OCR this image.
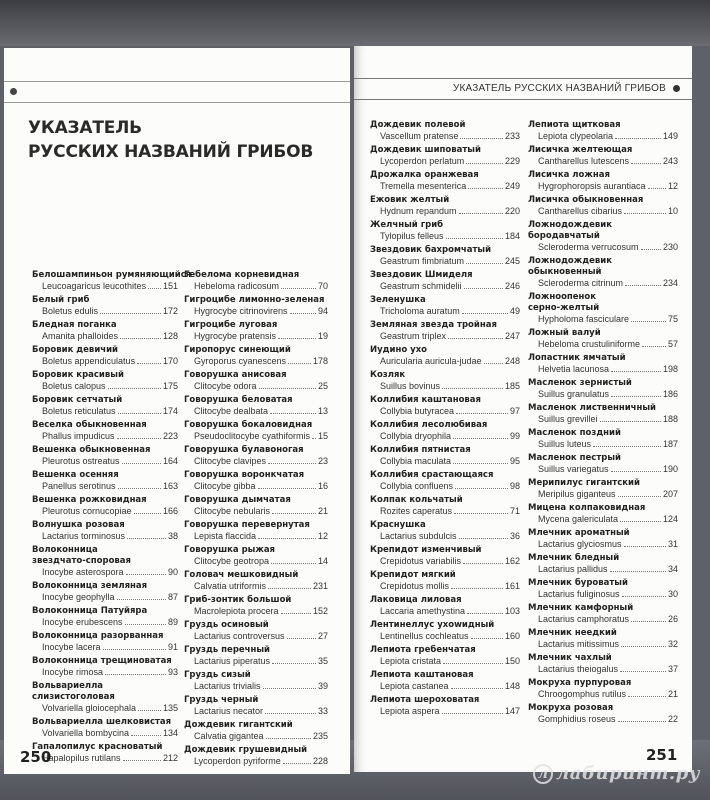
УКАЗАТЕЛЬ
РУССКИХ НАЗВАНИЙ ГРИБОВ
Белошампиньон румяняющийся
Leucoagaricus leucothites 151
Белый гриб
Boletus edulis	172
Бледная поганка
Amanita phalloides	128
Боровик девичий
Boletus appendiculatus	170
Боровик красивый
Boletus calopus	175
Боровик сетчатый
Boletus reticulatus	174
Веселка обыкновенная
Phallus impudicus	223
Вешенка обыкновенная
Pleurotus ostreatus	164
Вешенка осенняя
Panellus serotinus	163
Вешенка рожковидная
Pleurotus cornucopiae	166
Волнушка розовая
Lactarius torminosus	38
Волоконница
звездчато-споровая
Inocybe asterospora	90
Волоконница земляная
Inocybe geophylla	87
Волоконница Патуйяра
Inocybe erubescens	89
Волоконница разорванная
Inocybe lacera	91
Волоконница трещиноватая
Inocybe rimosa	93
Вольвариелла
слизистоголовая
Volvariella gloiocephala	135
Вольвариелла шелковистая
Volvariella bombycina	134
Гапалопилус красноватый
Hapalopilus rutilans	212
Гебелома корневидная
Hebeloma radicosum	70
Гигроцибе лимонно-зеленая
Hygrocybe citrinovirens	94
Гигроцибе луговая
Hygrocybe pratensis	19
Гиропорус синеющий
Gyroporus cyanescens	178
Говорушка анисовая
Clitocybe odora	25
Говорушка беловатая
Clitocybe dealbata	13
Говорушка бокаловидная
Pseudoclitocybe cyathiformis 15
Говорушка булавоногая
Clitocybe clavipes	23
Говорушка воронкчатая
Clitocybe gibba	16
Говорушка дымчатая
Clitocybe nebularis	21
Говорушка перевернутая
Lepista flaccida	12
Говорушка рыжая
Clitocybe geotropa	14
Головач мешковидный
Calvatia utriformis	231
Гриб-зонтик большой
Macrolepiota procera	152
Груздь осиновый
Lactarius controversus	27
Груздь перечный
Lactarius piperatus	35
Груздь сизый
Lactarius trivialis	39
Груздь черный
Lactarius necator	33
Дождевик гигантский
Calvatia gigantea	235
Дождевик грушевидный
Lycoperdon pyriforme	228
250
УКАЗАТЕЛЬ РУССКИХ НАЗВАНИЙ ГРИБОВ
Дождевик полевой
Vascellum pratense	233
Дождевик шиповатый
Lycoperdon perlatum	229
Дрожалка оранжевая
Tremella mesenterica	249
Ежовик желтый
Hydnum repandum	220
Желчный гриб
Tylopilus felleus	184
Звездовик бахромчатый
Geastrum fimbriatum	245
Звездовик Шмиделя
Geastrum schmidelii	246
Зеленушка
Tricholoma auratum	49
Земляная звезда тройная
Geastrum triplex	247
Иудино ухо
Auricularia auricula-judae	248
Козляк
Suillus bovinus	185
Коллибия каштановая
Collybia butyracea	97
Коллибия лесолюбивая
Collybia dryophila	99
Коллибия пятнистая
Collybia maculata	95
Коллибия срастающаяся
Collybia confluens	98
Колпак кольчатый
Rozites caperatus	71
Краснушка
Lactarius subdulcis	36
Крепидот изменчивый
Crepidotus variabilis	162
Крепидот мягкий
Crepidotus mollis	161
Лаковица лиловая
Laccaria amethystina	103
Лентинеллус ухowидный
Lentinellus cochleatus	160
Лепиота гребенчатая
Lepiota cristata	150
Лепиота каштановая
Lepiota castanea	148
Лепиота шероховатая
Lepiota aspera	147
Лепиота щитковая
Lepiota clypeolaria	149
Лисичка желтеющая
Cantharellus lutescens	243
Лисичка ложная
Hygrophoropsis aurantiaca 12
Лисичка обыкновенная
Cantharellus cibarius	10
Ложнодождевик
бородавчатый
Scleroderma verrucosum	230
Ложнодождевик
обыкновенный
Scleroderma citrinum	234
Ложноопенок
серно-желтый
Hypholoma fasciculare	75
Ложный валуй
Hebeloma crustuliniforme	57
Лопастник ямчатый
Helvetia lacunosa	198
Масленок зернистый
Suillus granulatus	186
Масленок лиственничный
Suillus grevillei	188
Масленок поздний
Suillus luteus	187
Масленок пестрый
Suillus variegatus	190
Мерипилус гигантский
Meripilus giganteus	207
Мицена колпаковидная
Mycena galericulata	124
Млечник ароматный
Lactarius glyciosmus	31
Млечник бледный
Lactarius pallidus	34
Млечник буроватый
Lactarius fuliginosus	30
Млечник камфорный
Lactarius camphoratus	26
Млечник неедкий
Lactarius mitissimus	32
Млечник чахлый
Lactarius theiogalus	37
Мокруха пурпуровая
Chroogomphus rutilus	21
Мокруха розовая
Gomphidius roseus	22
251
л лабиринт.ру
